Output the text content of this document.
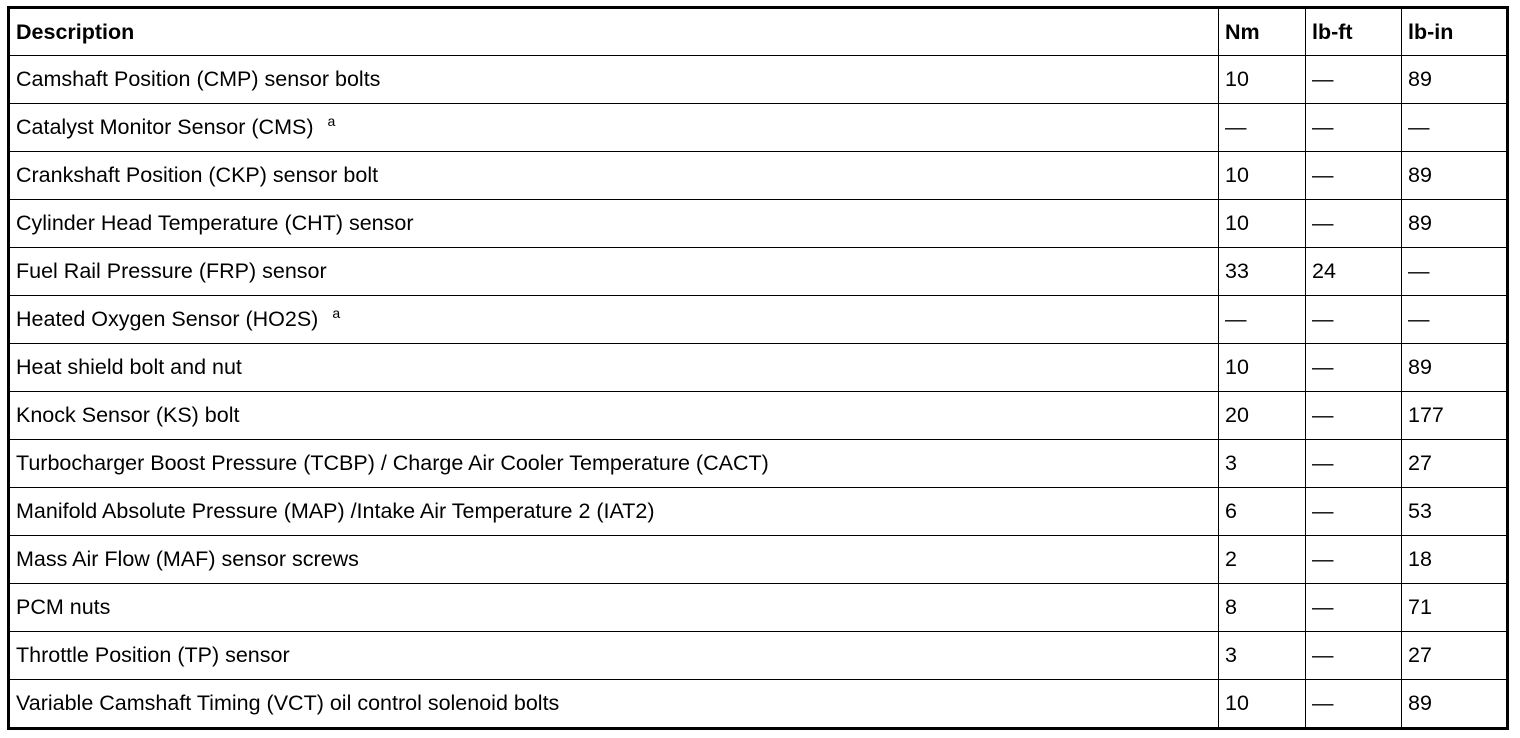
Description	Nm	lb-ft	lb-in
Camshaft Position (CMP) sensor bolts	10	—	89
Catalyst Monitor Sensor (CMS) $^a$	—	—	—
Crankshaft Position (CKP) sensor bolt	10	—	89
Cylinder Head Temperature (CHT) sensor	10	—	89
Fuel Rail Pressure (FRP) sensor	33	24	—
Heated Oxygen Sensor (HO2S) $^a$	—	—	—
Heat shield bolt and nut	10	—	89
Knock Sensor (KS) bolt	20	—	177
Turbocharger Boost Pressure (TCBP) / Charge Air Cooler Temperature (CACT)	3	—	27
Manifold Absolute Pressure (MAP) /Intake Air Temperature 2 (IAT2)	6	—	53
Mass Air Flow (MAF) sensor screws	2	—	18
PCM nuts	8	—	71
Throttle Position (TP) sensor	3	—	27
Variable Camshaft Timing (VCT) oil control solenoid bolts	10	—	89
